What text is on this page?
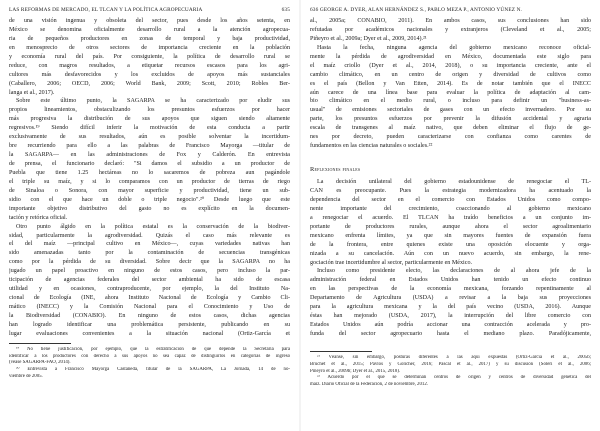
LAS REFORMAS DE MERCADO, EL TLCAN Y LA POLÍTICA AGROPECUARIA	635
de una visión ingenua y obsoleta del sector, pues desde los años setenta, en
México se denomina oficialmente desarrollo rural a la atención agropecua-
ria de pequeños productores en zonas de temporal y baja productividad,
en menosprecio de otros sectores de importancia creciente en la población
y economía rural del país. Por consiguiente, la política de desarrollo rural se
reduce, con magros resultados, a etiquetar recursos escasos para los agri-
cultores más desfavorecidos y los excluidos de apoyos más sustanciales
(Caballero, 2006; OECD, 2006; World Bank, 2009; Scott, 2010; Robles Ber-
langa et al., 2017).
Sobre este último punto, la SAGARPA se ha caracterizado por eludir sus
propios lineamientos, obstaculizando los presuntos esfuerzos por hacer
más progresiva la distribución de sus apoyos que siguen siendo altamente
regresivos.¹⁹ Siendo difícil inferir la motivación de esta conducta a partir
exclusivamente de sus resultados, aún es posible solventar la incertidum-
bre recurriendo para ello a las palabras de Francisco Mayorga —titular de
la SAGARPA— en las administraciones de Fox y Calderón. En entrevista
de prensa, el funcionario declaró: "Si damos el subsidio a un productor de
Puebla que tiene 1.25 hectáreas no lo sacaremos de pobreza aun pagándole
el triple su maíz, y si lo comparamos con un productor de tierras de riego
de Sinaloa o Sonora, con mayor superficie y productividad, tiene un sub-
sidio con el que hace un doble o triple negocio".²⁰ Desde luego que este
importante objetivo distributivo del gasto no es explícito en la documen-
tación y retórica oficial.
Otro punto álgido en la política estatal es la conservación de la biodiver-
sidad, particularmente la agrodiversidad. Quizás el caso más relevante es
el del maíz —principal cultivo en México—, cuyas variedades nativas han
sido amenazadas tanto por la contaminación de secuencias transgénicas
como por la pérdida de su diversidad. Sobre decir que la SAGARPA no ha
jugado un papel proactivo en ninguno de estos casos, pero incluso la par-
ticipación de agencias federales del sector ambiental ha sido de escasa
utilidad y en ocasiones, contraproducente, por ejemplo, la del Instituto Na-
cional de Ecología (INE, ahora Instituto Nacional de Ecología y Cambio Cli-
mático (INECC) y la Comisión Nacional para el Conocimiento y Uso de
la Biodiversidad (CONABIO). En ninguno de estos casos, dichas agencias
han logrado identificar una problemática persistente, publicando en su
lugar evaluaciones convenientes a la situación nacional (Ortiz-García et
¹⁹ No tiene justificación, por ejemplo, que la estratificación de que depende la Secretaría para
identificar a los productores con derecho a sus apoyos no sea capaz de distinguirlos en categorías de ingreso
(véase SAGARPA-FAO, 2014).
²⁰ Entrevista a Francisco Mayorga Castañeda, titular de la SAGARPA, La Jornada, 14 de no-
viembre de 2005.
636 GEORGE A. DYER, ALAN HERNÁNDEZ S., PABLO MEZA P., ANTONIO YÚNEZ N.
al., 2005a; CONABIO, 2011). En ambos casos, sus conclusiones han sido
refutadas por académicos nacionales y extranjeros (Cleveland et al., 2005;
Piñeyro et al., 2009a; Dyer et al., 2009, 2014).²¹
Hasta la fecha, ninguna agencia del gobierno mexicano reconoce oficial-
mente la pérdida de agrodiversidad en México, documentada este siglo para
el maíz criollo (Dyer et al., 2014, 2018), o su importancia creciente, ante el
cambio climático, en un centro de origen y diversidad de cultivos como
es el país (Bellon y Van Etten, 2014). Es de notar también que el INECC
aún carece de una línea base para evaluar la política de adaptación al cam-
bio climático en el medio rural, o incluso para definir un "business-as-
usual" de emisiones sectoriales de gases con un efecto invernadero. Por su
parte, los presuntos esfuerzos por prevenir la difusión accidental y agraria
escala de transgenes al maíz nativo, que deben eliminar el flujo de ge-
nes por decreto, pueden caracterizarse con confianza como carentes de
fundamentos en las ciencias naturales o sociales.²²
Reflexiones finales
La decisión unilateral del gobierno estadounidense de renegociar el TL-
CAN es preocupante. Pues la estrategia modernizadora ha acentuado la
dependencia del sector en el comercio con Estados Unidos como compo-
nente importante del crecimiento, coaccionando al gobierno mexicano
a renegociar el acuerdo. El TLCAN ha traído beneficios a un conjunto im-
portante de productores rurales, aunque ahora el sector agroalimentario
mexicano enfrenta límites, ya que sin mayores fuentes de expansión fuera
de la frontera, entre quienes existe una oposición elocuente y orga-
nizada a su cancelación. Aún con un nuevo acuerdo, sin embargo, la rene-
gociación trae incertidumbre al sector, particularmente en México.
Incluso como presidente electo, las declaraciones de al ahora jefe de la
administración federal en Estados Unidos han tenido un efecto continuo
en las perspectivas de la economía mexicana, forzando repentinamente al
Departamento de Agricultura (USDA) a revisar a la baja sus proyecciones
para la agricultura mexicana y la del país vecino (USDA, 2016). Aunque
éstas han mejorado (USDA, 2017), la interrupción del libre comercio con
Estados Unidos aún podría accionar una contracción acelerada y pro-
funda del sector agropecuario hasta el mediano plazo. Paradójicamente,
²¹ Véanse, sin embargo, posturas diferentes a las aquí expuestas (Ortiz-García et al., 2005b;
Bruchet et al., 2015; Pavlos y Golicher, 2016; Pascal et al., 2017) y su discusión (Soleri et al., 2006;
Piñeyro et al., 2009b; Dyer et al., 2015, 2018).
²² Acuerdo por el que se determinan centros de origen y centros de diversidad genética del
maíz. Diario Oficial de la Federación, 2 de noviembre, 2012.
